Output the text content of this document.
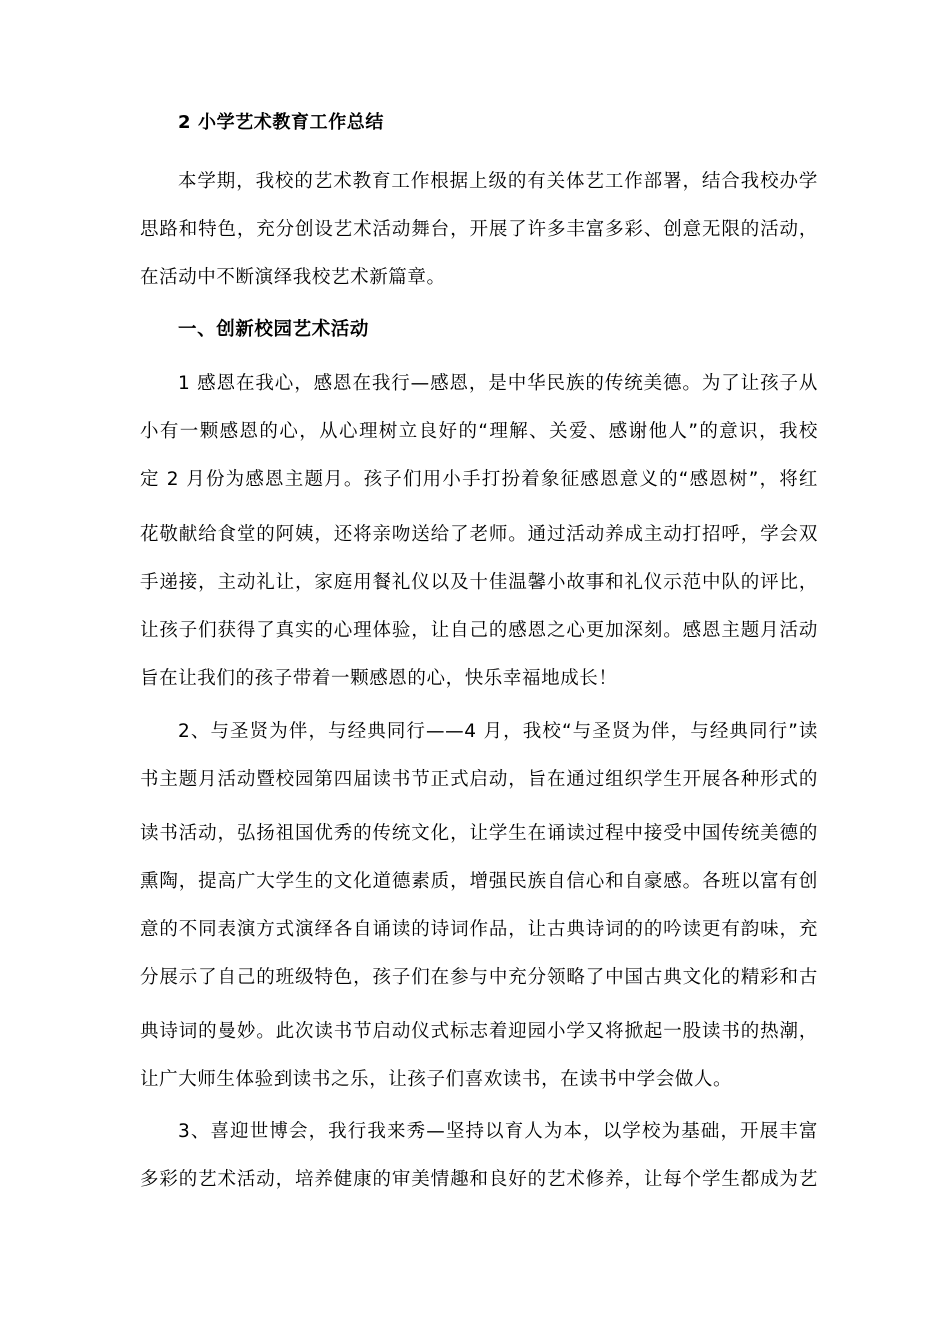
2 小学艺术教育工作总结
本学期，我校的艺术教育工作根据上级的有关体艺工作部署，结合我校办学
思路和特色，充分创设艺术活动舞台，开展了许多丰富多彩、创意无限的活动，
在活动中不断演绎我校艺术新篇章。
一、创新校园艺术活动
1 感恩在我心，感恩在我行—感恩，是中华民族的传统美德。为了让孩子从
小有一颗感恩的心，从心理树立良好的“理解、关爱、感谢他人”的意识，我校
定 2 月份为感恩主题月。孩子们用小手打扮着象征感恩意义的“感恩树”，将红
花敬献给食堂的阿姨，还将亲吻送给了老师。通过活动养成主动打招呼，学会双
手递接，主动礼让，家庭用餐礼仪以及十佳温馨小故事和礼仪示范中队的评比，
让孩子们获得了真实的心理体验，让自己的感恩之心更加深刻。感恩主题月活动
旨在让我们的孩子带着一颗感恩的心，快乐幸福地成长！
2、与圣贤为伴，与经典同行——4 月，我校“与圣贤为伴，与经典同行”读
书主题月活动暨校园第四届读书节正式启动，旨在通过组织学生开展各种形式的
读书活动，弘扬祖国优秀的传统文化，让学生在诵读过程中接受中国传统美德的
熏陶，提高广大学生的文化道德素质，增强民族自信心和自豪感。各班以富有创
意的不同表演方式演绎各自诵读的诗词作品，让古典诗词的的吟读更有韵味，充
分展示了自己的班级特色，孩子们在参与中充分领略了中国古典文化的精彩和古
典诗词的曼妙。此次读书节启动仪式标志着迎园小学又将掀起一股读书的热潮，
让广大师生体验到读书之乐，让孩子们喜欢读书，在读书中学会做人。
3、喜迎世博会，我行我来秀—坚持以育人为本，以学校为基础，开展丰富
多彩的艺术活动，培养健康的审美情趣和良好的艺术修养，让每个学生都成为艺
